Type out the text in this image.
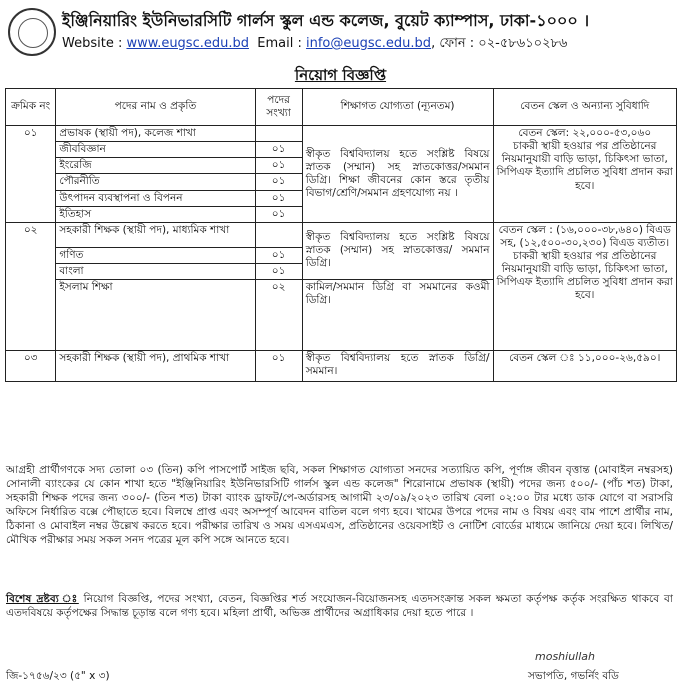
ইঞ্জিনিয়ারিং ইউনিভারসিটি গার্লস স্কুল এন্ড কলেজ, বুয়েট ক্যাম্পাস, ঢাকা-১০০০ ।
Website : www.eugsc.edu.bd Email : info@eugsc.edu.bd, ফোন : ০২-৫৮৬১০২৮৬
নিয়োগ বিজ্ঞপ্তি
ক্রমিক নং	পদের নাম ও প্রকৃতি	পদের সংখ্যা	শিক্ষাগত যোগ্যতা (ন্যূনতম)	বেতন স্কেল ও অন্যান্য সুবিধাদি
০১	প্রভাষক (স্থায়ী পদ), কলেজ শাখা		স্বীকৃত বিশ্ববিদ্যালয় হতে সংশ্লিষ্ট বিষয়ে স্নাতক (সম্মান) সহ স্নাতকোত্তর/সমমান ডিগ্রি। শিক্ষা জীবনের কোন স্তরে তৃতীয় বিভাগ/শ্রেণি/সমমান গ্রহণযোগ্য নয় ।	বেতন স্কেল: ২২,০০০-৫৩,০৬০
চাকরী স্থায়ী হওয়ার পর প্রতিষ্ঠানের নিয়মানুযায়ী বাড়ি ভাড়া, চিকিৎসা ভাতা, সিপিএফ ইত্যাদি প্রচলিত সুবিধা প্রদান করা হবে।

	জীববিজ্ঞান	০১		
	ইংরেজি	০১		
	পৌরনীতি	০১		
	উৎপাদন ব্যবস্থাপনা ও বিপনন	০১		
	ইতিহাস	০১		
০২	সহকারী শিক্ষক (স্থায়ী পদ), মাধ্যমিক শাখা		স্বীকৃত বিশ্ববিদ্যালয় হতে সংশ্লিষ্ট বিষয়ে স্নাতক (সম্মান) সহ স্নাতকোত্তর/ সমমান ডিগ্রি।	বেতন স্কেল : (১৬,০০০-৩৮,৬৪০) বিএড সহ, (১২,৫০০-৩০,২৩০) বিএড ব্যতীত।
চাকরী স্থায়ী হওয়ার পর প্রতিষ্ঠানের নিয়মানুযায়ী বাড়ি ভাড়া, চিকিৎসা ভাতা, সিপিএফ ইত্যাদি প্রচলিত সুবিধা প্রদান করা হবে।

	গণিত	০১		
	বাংলা	০১		
	ইসলাম শিক্ষা	০২	কামিল/সমমান ডিগ্রি বা সমমানের কওমী ডিগ্রি।	
০৩	সহকারী শিক্ষক (স্থায়ী পদ), প্রাথমিক শাখা	০১	স্বীকৃত বিশ্ববিদ্যালয় হতে স্নাতক ডিগ্রি/সমমান।	বেতন স্কেল ঃ ১১,০০০-২৬,৫৯০।
আগ্রহী প্রার্থীগণকে সদ্য তোলা ০৩ (তিন) কপি পাসপোর্ট সাইজ ছবি, সকল শিক্ষাগত যোগ্যতা সনদের সত্যায়িত কপি, পূর্ণাঙ্গ জীবন বৃত্তান্ত (মোবাইল নম্বরসহ) সোনালী ব্যাংকের যে কোন শাখা হতে "ইঞ্জিনিয়ারিং ইউনিভারসিটি গার্লস স্কুল এন্ড কলেজ" শিরোনামে প্রভাষক (স্থায়ী) পদের জন্য ৫০০/- (পাঁচ শত) টাকা, সহকারী শিক্ষক পদের জন্য ৩০০/- (তিন শত) টাকা ব্যাংক ড্রাফট/পে-অর্ডারসহ আগামী ২৩/০৯/২০২৩ তারিখ বেলা ০২:০০ টার মধ্যে ডাক যোগে বা সরাসরি অফিসে নির্ধারিত বক্সে পৌছাতে হবে। বিলম্বে প্রাপ্ত এবং অসম্পূর্ণ আবেদন বাতিল বলে গণ্য হবে। খামের উপরে পদের নাম ও বিষয় এবং বাম পাশে প্রার্থীর নাম, ঠিকানা ও মোবাইল নম্বর উল্লেখ করতে হবে। পরীক্ষার তারিখ ও সময় এসএমএস, প্রতিষ্ঠানের ওয়েবসাইট ও নোটিশ বোর্ডের মাধ্যমে জানিয়ে দেয়া হবে। লিখিত/মৌখিক পরীক্ষার সময় সকল সনদ পত্রের মূল কপি সঙ্গে আনতে হবে।
বিশেষ দ্রষ্টব্য ঃ নিয়োগ বিজ্ঞপ্তি, পদের সংখ্যা, বেতন, বিজ্ঞপ্তির শর্ত সংযোজন-বিয়োজনসহ এতদসংক্রান্ত সকল ক্ষমতা কর্তৃপক্ষ কর্তৃক সংরক্ষিত থাকবে বা এতদবিষয়ে কর্তৃপক্ষের সিদ্ধান্ত চূড়ান্ত বলে গণ্য হবে। মহিলা প্রার্থী, অভিজ্ঞ প্রার্থীদের অগ্রাধিকার দেয়া হতে পারে ।
জি-১৭৫৬/২৩ (৫" x ৩)
moshiullah
সভাপতি, গভর্নিং বডি
